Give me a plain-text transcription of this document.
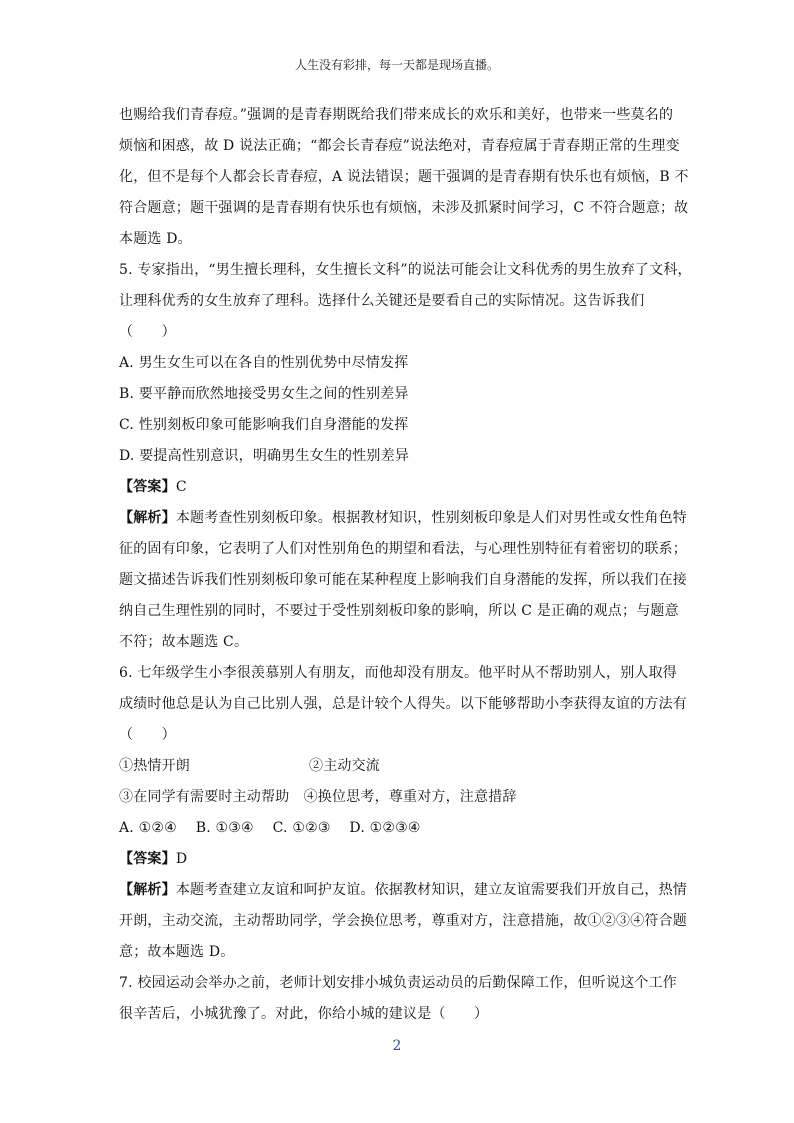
人生没有彩排，每一天都是现场直播。
也赐给我们青春痘。”强调的是青春期既给我们带来成长的欢乐和美好，也带来一些莫名的
烦恼和困惑，故 D 说法正确；“都会长青春痘”说法绝对，青春痘属于青春期正常的生理变
化，但不是每个人都会长青春痘，A 说法错误；题干强调的是青春期有快乐也有烦恼，B 不
符合题意；题干强调的是青春期有快乐也有烦恼，未涉及抓紧时间学习，C 不符合题意；故
本题选 D。
5. 专家指出，“男生擅长理科，女生擅长文科”的说法可能会让文科优秀的男生放弃了文科，
让理科优秀的女生放弃了理科。选择什么关键还是要看自己的实际情况。这告诉我们
（　　）
A. 男生女生可以在各自的性别优势中尽情发挥
B. 要平静而欣然地接受男女生之间的性别差异
C. 性别刻板印象可能影响我们自身潜能的发挥
D. 要提高性别意识，明确男生女生的性别差异
【答案】C
【解析】本题考查性别刻板印象。根据教材知识，性别刻板印象是人们对男性或女性角色特
征的固有印象，它表明了人们对性别角色的期望和看法，与心理性别特征有着密切的联系；
题文描述告诉我们性别刻板印象可能在某种程度上影响我们自身潜能的发挥，所以我们在接
纳自己生理性别的同时，不要过于受性别刻板印象的影响，所以 C 是正确的观点；与题意
不符；故本题选 C。
6. 七年级学生小李很羡慕别人有朋友，而他却没有朋友。他平时从不帮助别人，别人取得
成绩时他总是认为自己比别人强，总是计较个人得失。以下能够帮助小李获得友谊的方法有
（　　）
①热情开朗	②主动交流
③在同学有需要时主动帮助　④换位思考，尊重对方，注意措辞
A. ①②④　 B. ①③④　 C. ①②③　 D. ①②③④
【答案】D
【解析】本题考查建立友谊和呵护友谊。依据教材知识，建立友谊需要我们开放自己，热情
开朗，主动交流，主动帮助同学，学会换位思考，尊重对方，注意措施，故①②③④符合题
意；故本题选 D。
7. 校园运动会举办之前，老师计划安排小城负责运动员的后勤保障工作，但听说这个工作
很辛苦后，小城犹豫了。对此，你给小城的建议是（　　）
2
